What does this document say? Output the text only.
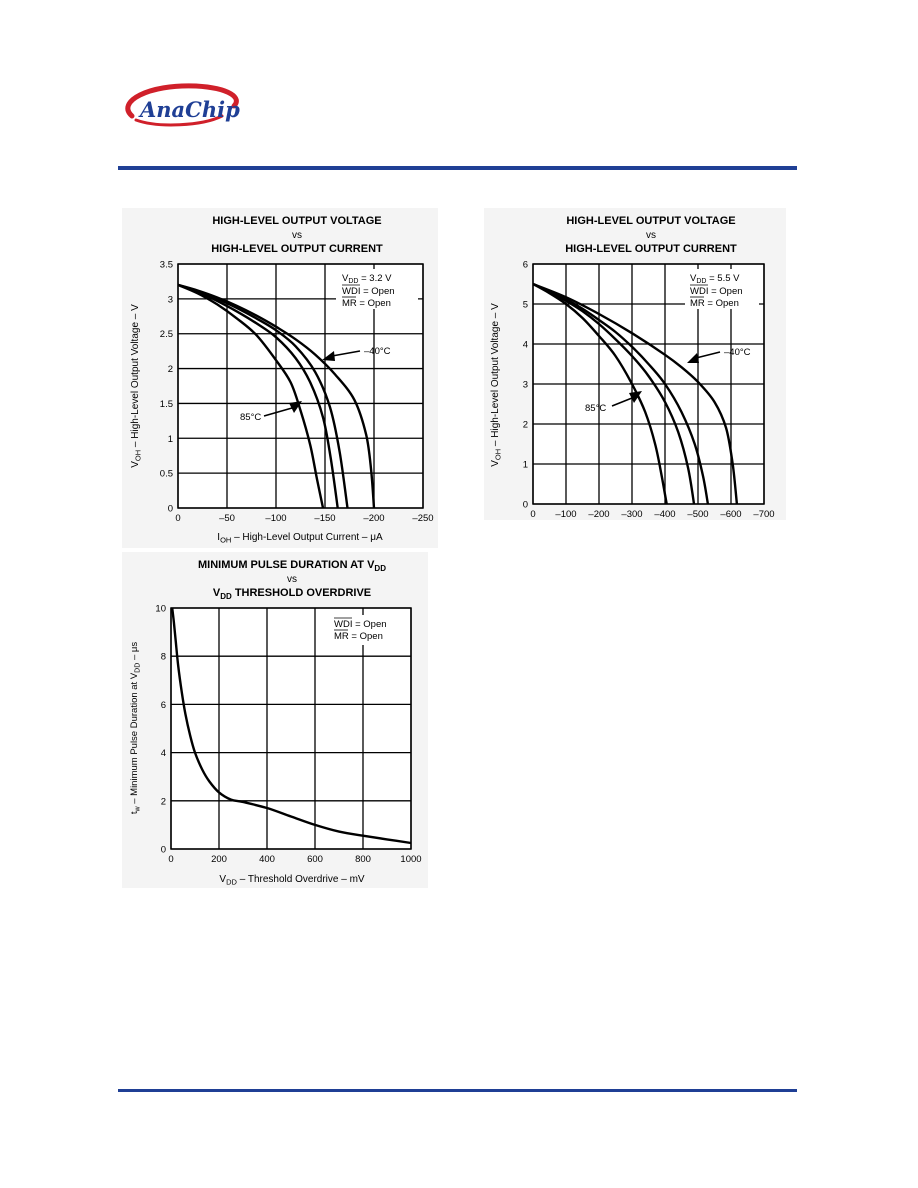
AnaChip
HIGH-LEVEL OUTPUT VOLTAGE
vs
HIGH-LEVEL OUTPUT CURRENT
0	–50	–100	–150	–200	–250
0
0.5
1
1.5
2
2.5
3
3.5
$V_{DD} = 3.2$ V
WDI = Open
MR = Open
–40°C
85°C
$I_{OH}$ – High-Level Output Current – μA
$V_{OH}$ – High-Level Output Voltage – V
HIGH-LEVEL OUTPUT VOLTAGE
vs
HIGH-LEVEL OUTPUT CURRENT
0 –100 –200 –300 –400 –500 –600 –700
0
1
2
3
4
5
6
$V_{DD} = 5.5$ V
WDI = Open
MR = Open
–40°C
85°C
$V_{OH}$ – High-Level Output Voltage – V
MINIMUM PULSE DURATION AT $V_{DD}$
vs
$V_{DD}$ THRESHOLD OVERDRIVE
0	200	400	600	800	1000
0
2
4
6
8
10
WDI = Open
MR = Open
$V_{DD}$ – Threshold Overdrive – mV
$t_w$ – Minimum Pulse Duration at $V_{DD}$ – μs
